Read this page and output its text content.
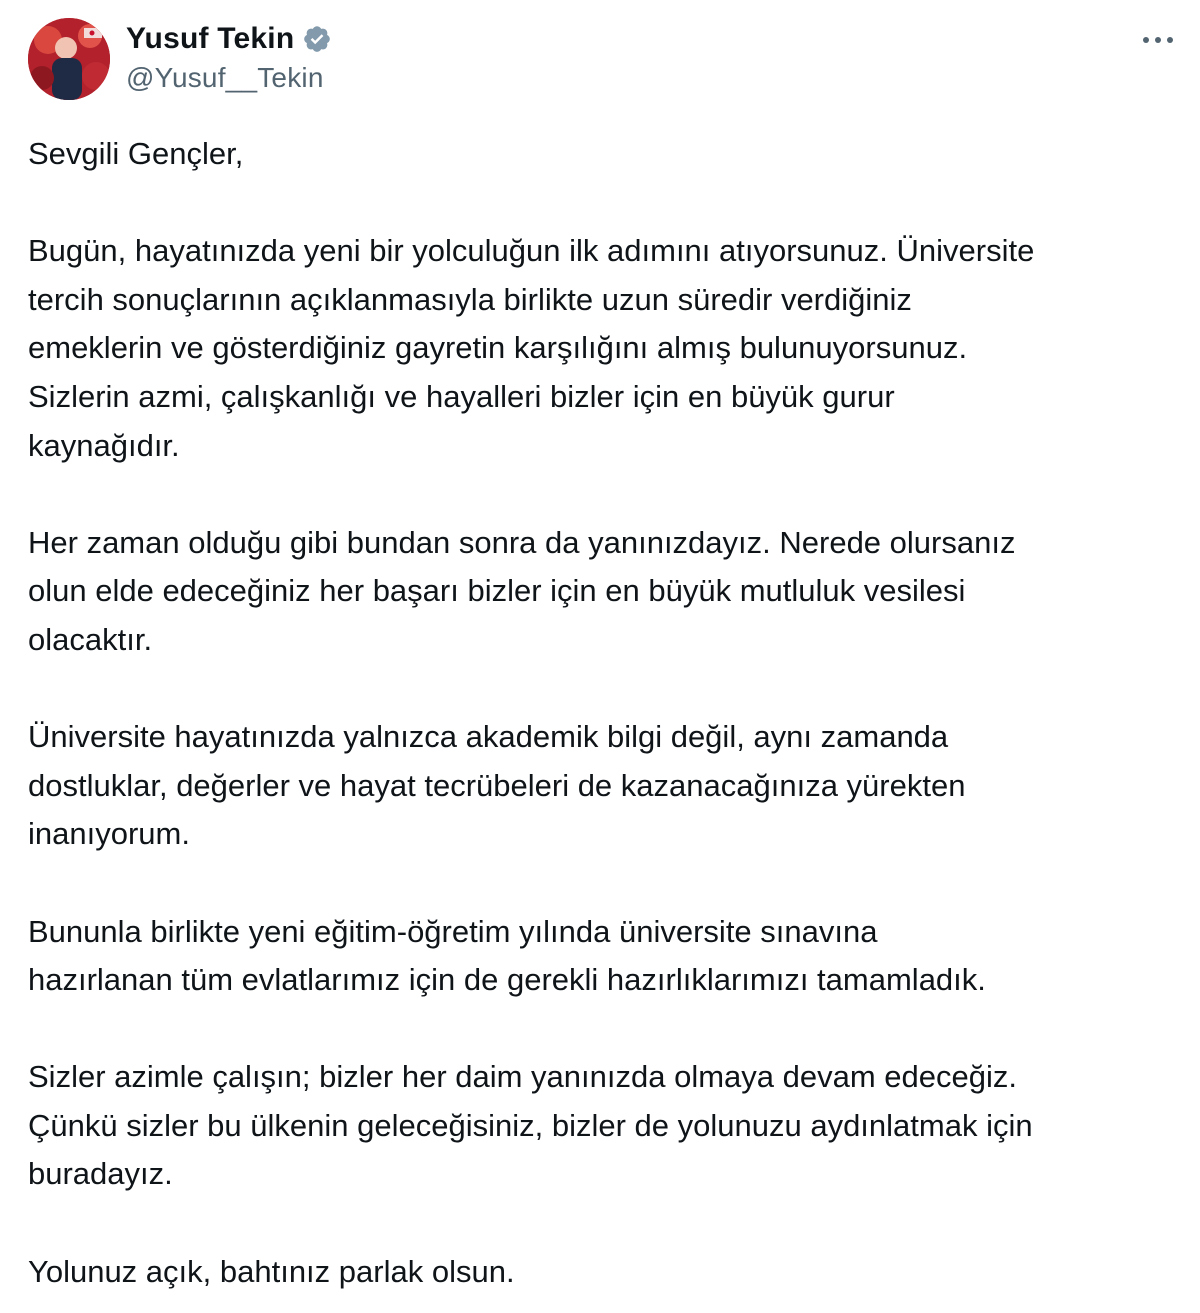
Yusuf Tekin
@Yusuf__Tekin

Sevgili Gençler,

Bugün, hayatınızda yeni bir yolculuğun ilk adımını atıyorsunuz. Üniversite
tercih sonuçlarının açıklanmasıyla birlikte uzun süredir verdiğiniz
emeklerin ve gösterdiğiniz gayretin karşılığını almış bulunuyorsunuz.
Sizlerin azmi, çalışkanlığı ve hayalleri bizler için en büyük gurur
kaynağıdır.

Her zaman olduğu gibi bundan sonra da yanınızdayız. Nerede olursanız
olun elde edeceğiniz her başarı bizler için en büyük mutluluk vesilesi
olacaktır.

Üniversite hayatınızda yalnızca akademik bilgi değil, aynı zamanda
dostluklar, değerler ve hayat tecrübeleri de kazanacağınıza yürekten
inanıyorum.

Bununla birlikte yeni eğitim-öğretim yılında üniversite sınavına
hazırlanan tüm evlatlarımız için de gerekli hazırlıklarımızı tamamladık.

Sizler azimle çalışın; bizler her daim yanınızda olmaya devam edeceğiz.
Çünkü sizler bu ülkenin geleceğisiniz, bizler de yolunuzu aydınlatmak için
buradayız.

Yolunuz açık, bahtınız parlak olsun.
